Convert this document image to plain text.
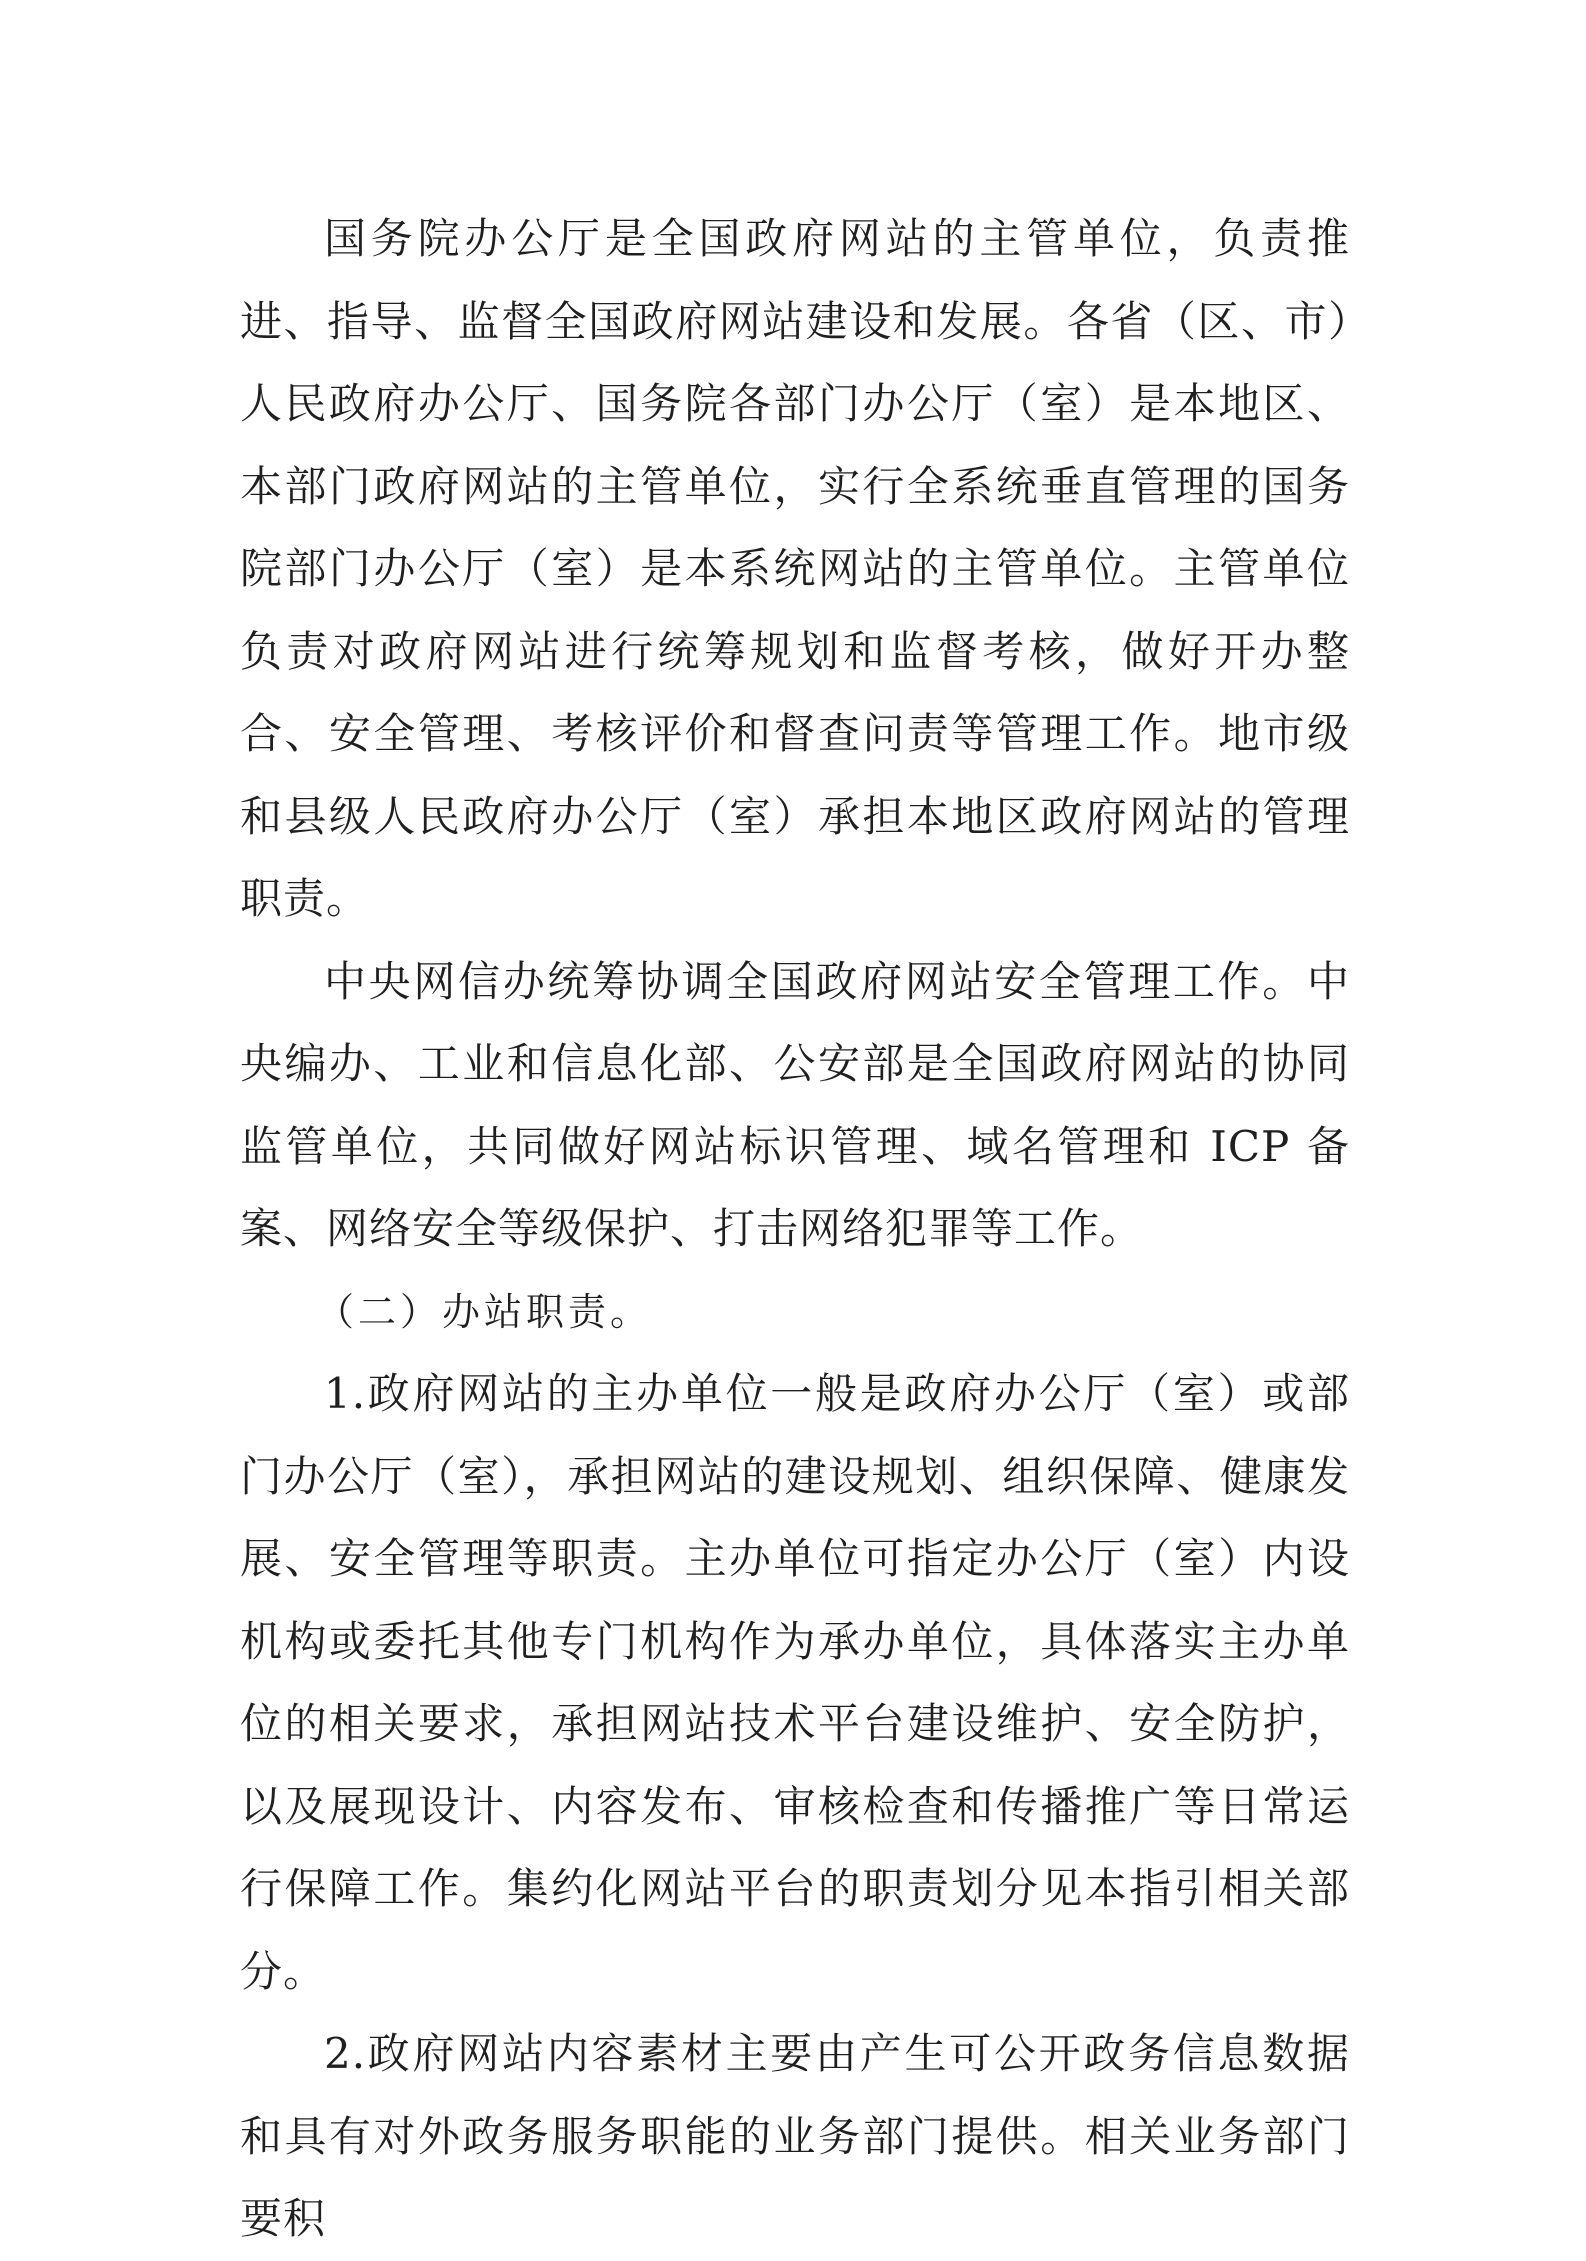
国务院办公厅是全国政府网站的主管单位，负责推进、指导、监督全国政府网站建设和发展。各省（区、市）人民政府办公厅、国务院各部门办公厅（室）是本地区、本部门政府网站的主管单位，实行全系统垂直管理的国务院部门办公厅（室）是本系统网站的主管单位。主管单位负责对政府网站进行统筹规划和监督考核，做好开办整合、安全管理、考核评价和督查问责等管理工作。地市级和县级人民政府办公厅（室）承担本地区政府网站的管理职责。

中央网信办统筹协调全国政府网站安全管理工作。中央编办、工业和信息化部、公安部是全国政府网站的协同监管单位，共同做好网站标识管理、域名管理和 ICP 备案、网络安全等级保护、打击网络犯罪等工作。

（二）办站职责。

1.政府网站的主办单位一般是政府办公厅（室）或部门办公厅（室），承担网站的建设规划、组织保障、健康发展、安全管理等职责。主办单位可指定办公厅（室）内设机构或委托其他专门机构作为承办单位，具体落实主办单位的相关要求，承担网站技术平台建设维护、安全防护，以及展现设计、内容发布、审核检查和传播推广等日常运行保障工作。集约化网站平台的职责划分见本指引相关部分。

2.政府网站内容素材主要由产生可公开政务信息数据和具有对外政务服务职能的业务部门提供。相关业务部门要积
